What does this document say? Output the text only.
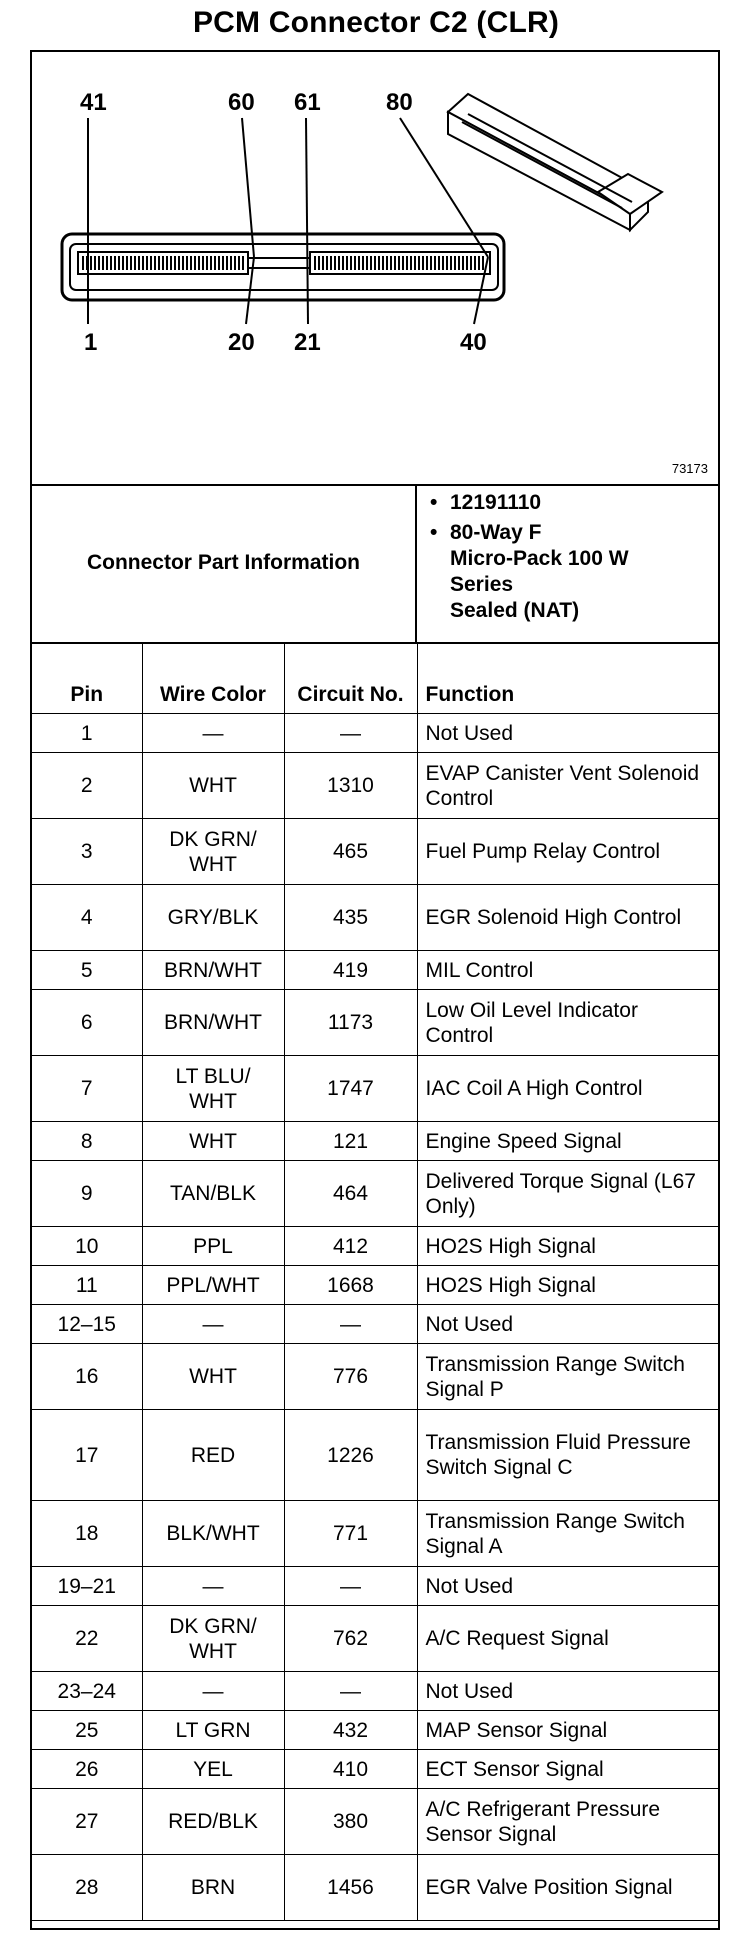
PCM Connector C2 (CLR)
41	60 61	80
1	20 21	40
73173
Connector Part Information
• 12191110
• 80-Way F
Micro-Pack 100 W
Series
Sealed (NAT)
Pin	Wire Color	Circuit No.	Function
1	—	—	Not Used
2	WHT	1310	EVAP Canister Vent Solenoid Control
3	DK GRN/ WHT	465	Fuel Pump Relay Control
4	GRY/BLK	435	EGR Solenoid High Control
5	BRN/WHT	419	MIL Control
6	BRN/WHT	1173	Low Oil Level Indicator Control
7	LT BLU/ WHT	1747	IAC Coil A High Control
8	WHT	121	Engine Speed Signal
9	TAN/BLK	464	Delivered Torque Signal (L67 Only)
10	PPL	412	HO2S High Signal
11	PPL/WHT	1668	HO2S High Signal
12–15	—	—	Not Used
16	WHT	776	Transmission Range Switch Signal P
17	RED	1226	Transmission Fluid Pressure Switch Signal C
18	BLK/WHT	771	Transmission Range Switch Signal A
19–21	—	—	Not Used
22	DK GRN/ WHT	762	A/C Request Signal
23–24	—	—	Not Used
25	LT GRN	432	MAP Sensor Signal
26	YEL	410	ECT Sensor Signal
27	RED/BLK	380	A/C Refrigerant Pressure Sensor Signal
28	BRN	1456	EGR Valve Position Signal
